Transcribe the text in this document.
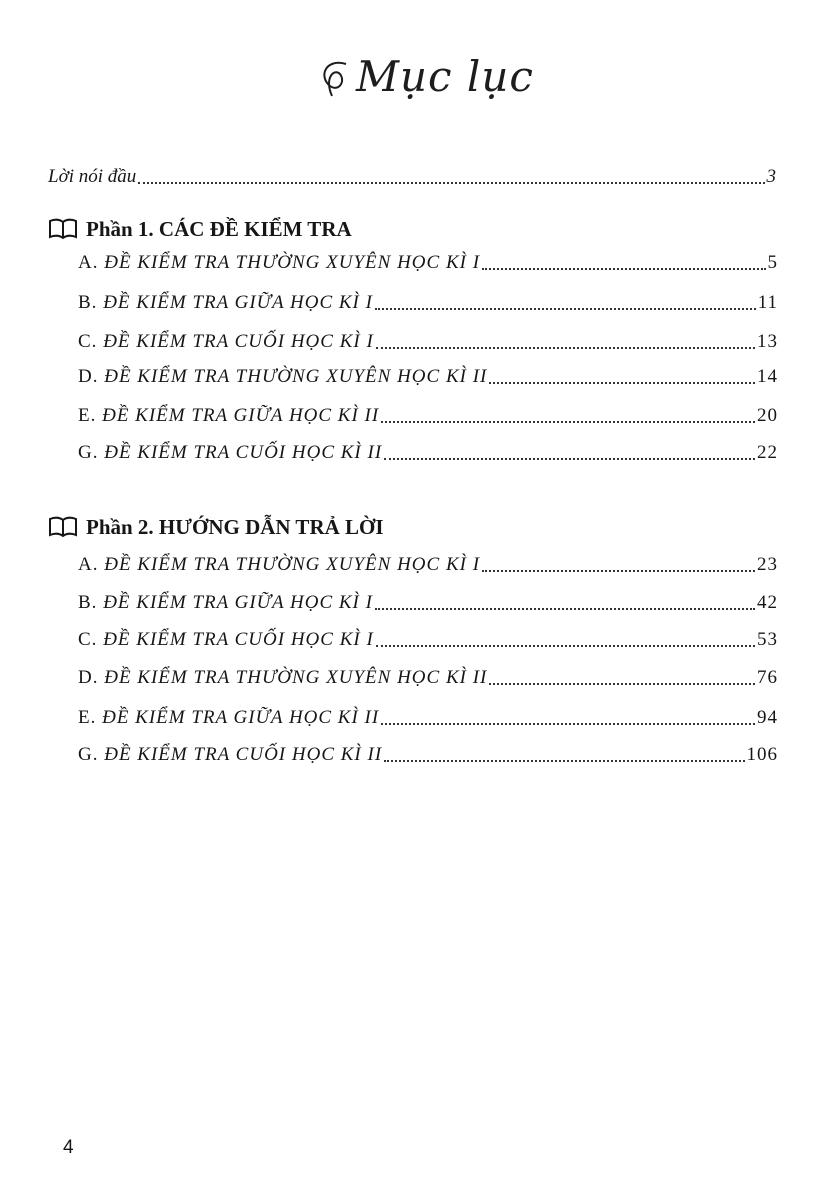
Mục lục
Lời nói đầu	3
Phần 1. CÁC ĐỀ KIỂM TRA
A. ĐỀ KIỂM TRA THƯỜNG XUYÊN HỌC KÌ I	5
B. ĐỀ KIỂM TRA GIỮA HỌC KÌ I	11
C. ĐỀ KIỂM TRA CUỐI HỌC KÌ I	13
D. ĐỀ KIỂM TRA THƯỜNG XUYÊN HỌC KÌ II	14
E. ĐỀ KIỂM TRA GIỮA HỌC KÌ II	20
G. ĐỀ KIỂM TRA CUỐI HỌC KÌ II	22
Phần 2. HƯỚNG DẪN TRẢ LỜI
A. ĐỀ KIỂM TRA THƯỜNG XUYÊN HỌC KÌ I	23
B. ĐỀ KIỂM TRA GIỮA HỌC KÌ I	42
C. ĐỀ KIỂM TRA CUỐI HỌC KÌ I	53
D. ĐỀ KIỂM TRA THƯỜNG XUYÊN HỌC KÌ II	76
E. ĐỀ KIỂM TRA GIỮA HỌC KÌ II	94
G. ĐỀ KIỂM TRA CUỐI HỌC KÌ II	106
4
